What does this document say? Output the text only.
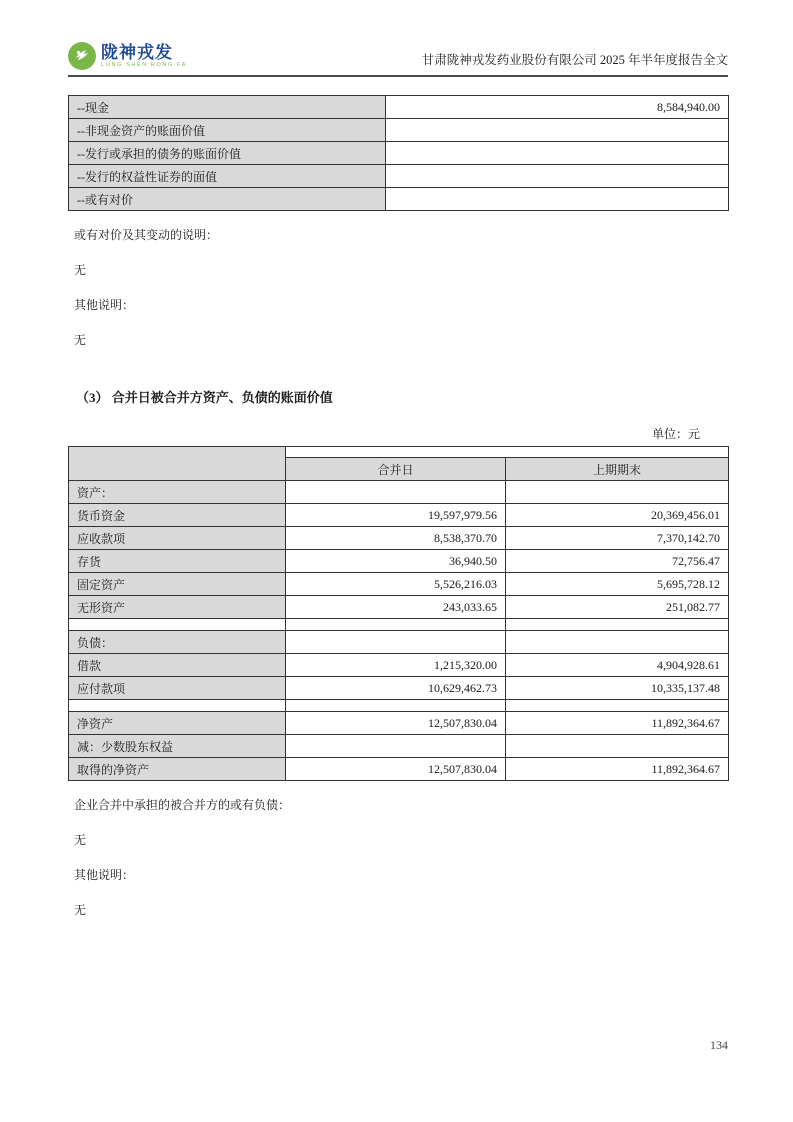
陇神戎发
LONG SHEN RONG FA	甘肃陇神戎发药业股份有限公司 2025 年半年度报告全文
--现金	8,584,940.00
--非现金资产的账面价值	
--发行或承担的债务的账面价值	
--发行的权益性证券的面值	
--或有对价	

或有对价及其变动的说明：

无

其他说明：

无

（3） 合并日被合并方资产、负债的账面价值
单位：元

	合并日	上期期末
资产：		
货币资金	19,597,979.56	20,369,456.01
应收款项	8,538,370.70	7,370,142.70
存货	36,940.50	72,756.47
固定资产	5,526,216.03	5,695,728.12
无形资产	243,033.65	251,082.77

负债：		
借款	1,215,320.00	4,904,928.61
应付款项	10,629,462.73	10,335,137.48

净资产	12,507,830.04	11,892,364.67
减：少数股东权益		
取得的净资产	12,507,830.04	11,892,364.67

企业合并中承担的被合并方的或有负债：

无

其他说明：

无

134
